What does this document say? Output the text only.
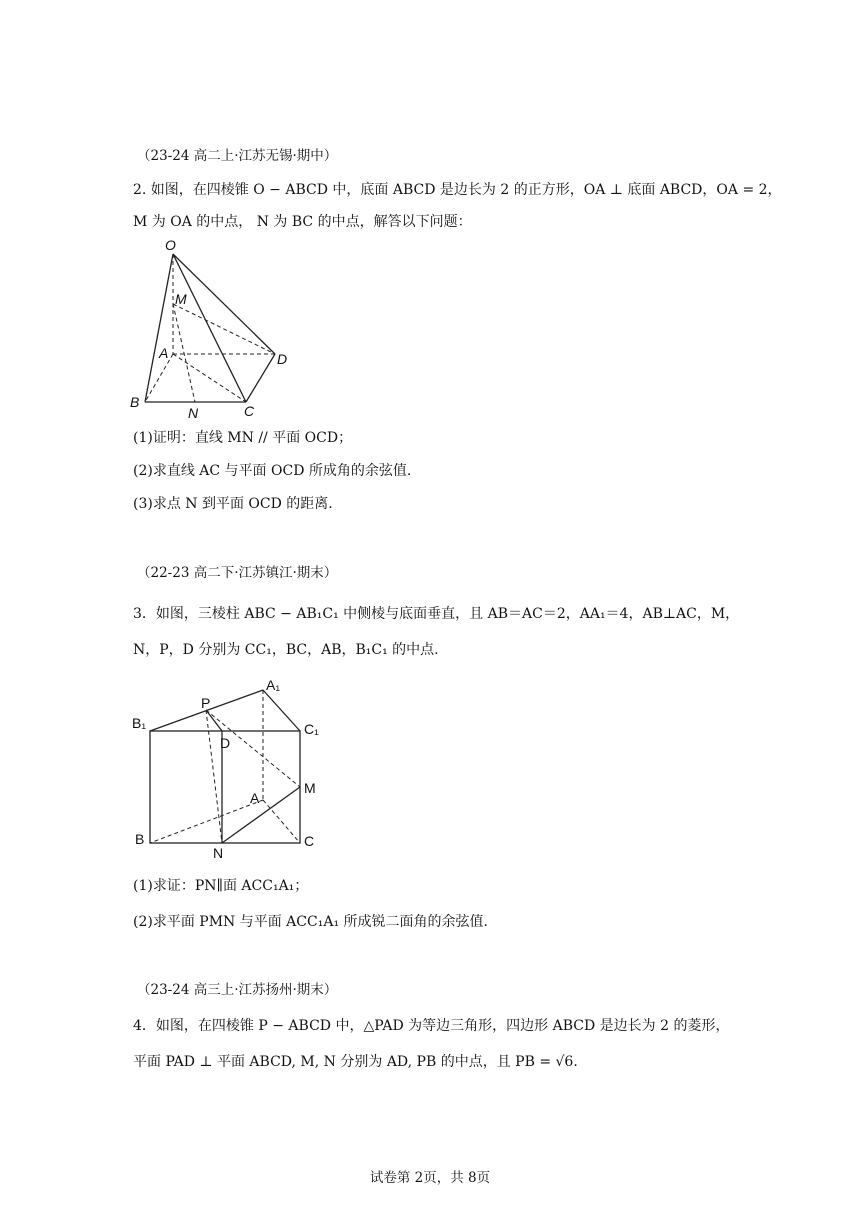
（23-24 高二上·江苏无锡·期中）
2. 如图，在四棱锥 O − ABCD 中，底面 ABCD 是边长为 2 的正方形，OA ⊥ 底面 ABCD，OA = 2，
M 为 OA 的中点， N 为 BC 的中点，解答以下问题：
O
M
A	D
B
N	C
(1)证明：直线 MN // 平面 OCD；
(2)求直线 AC 与平面 OCD 所成角的余弦值.
(3)求点 N 到平面 OCD 的距离.
（22-23 高二下·江苏镇江·期末）
3．如图，三棱柱 ABC − AB₁C₁ 中侧棱与底面垂直，且 AB＝AC＝2，AA₁＝4，AB⊥AC，M，
N，P，D 分别为 CC₁，BC，AB，B₁C₁ 的中点.
P
A₁
B₁	C₁
D
M
A
B	C
N
(1)求证：PN∥面 ACC₁A₁；
(2)求平面 PMN 与平面 ACC₁A₁ 所成锐二面角的余弦值.
（23-24 高三上·江苏扬州·期末）
4．如图，在四棱锥 P − ABCD 中，△PAD 为等边三角形，四边形 ABCD 是边长为 2 的菱形，
平面 PAD ⊥ 平面 ABCD, M, N 分别为 AD, PB 的中点，且 PB = √6.
试卷第 2页，共 8页
